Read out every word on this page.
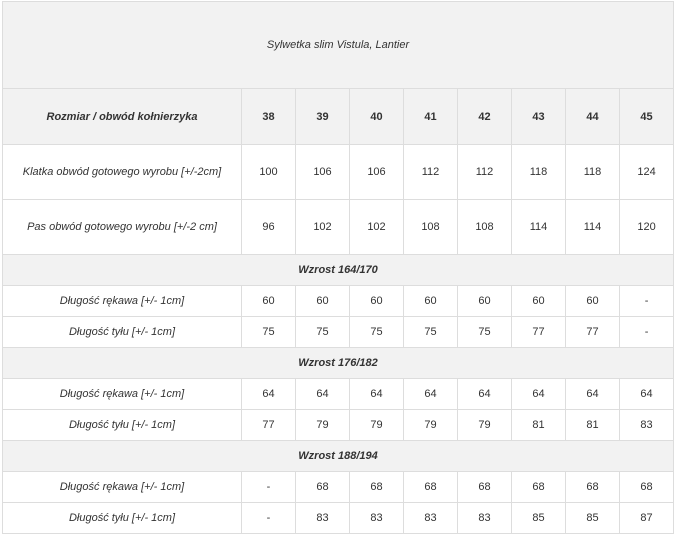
Sylwetka slim Vistula, Lantier								
Rozmiar / obwód kołnierzyka	38	39	40	41	42	43	44	45
Klatka obwód gotowego wyrobu [+/-2cm]	100	106	106	112	112	118	118	124
Pas obwód gotowego wyrobu [+/-2 cm]	96	102	102	108	108	114	114	120
Wzrost 164/170								
Długość rękawa [+/- 1cm]	60	60	60	60	60	60	60	-
Długość tyłu [+/- 1cm]	75	75	75	75	75	77	77	-
Wzrost 176/182								
Długość rękawa [+/- 1cm]	64	64	64	64	64	64	64	64
Długość tyłu [+/- 1cm]	77	79	79	79	79	81	81	83
Wzrost 188/194								
Długość rękawa [+/- 1cm]	-	68	68	68	68	68	68	68
Długość tyłu [+/- 1cm]	-	83	83	83	83	85	85	87
